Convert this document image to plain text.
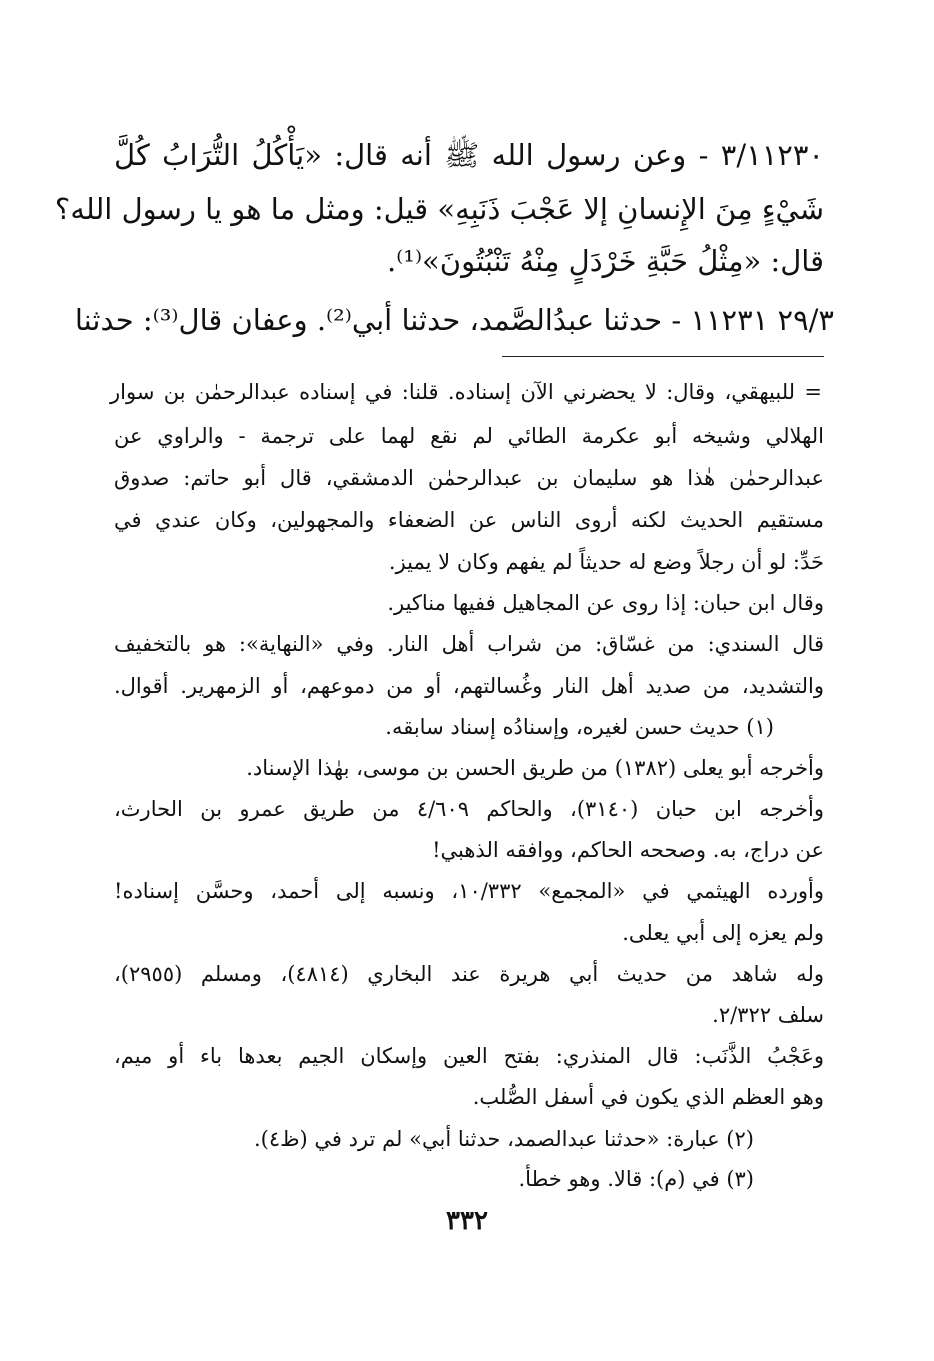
٣/١١٢٣٠ - وعن رسول الله ﷺ أنه قال: «يَأْكُلُ التُّرَابُ كُلَّ
شَيْءٍ مِنَ الإِنسانِ إلا عَجْبَ ذَنَبِهِ» قيل: ومثل ما هو يا رسول الله؟
قال: «مِثْلُ حَبَّةِ خَرْدَلٍ مِنْهُ تَنْبُتُونَ»⁽¹⁾.
٢٩/٣ ١١٢٣١ - حدثنا عبدُالصَّمد، حدثنا أبي⁽²⁾. وعفان قال⁽³⁾: حدثنا
= للبيهقي، وقال: لا يحضرني الآن إسناده. قلنا: في إسناده عبدالرحمٰن بن سوار
الهلالي وشيخه أبو عكرمة الطائي لم نقع لهما على ترجمة - والراوي عن
عبدالرحمٰن هٰذا هو سليمان بن عبدالرحمٰن الدمشقي، قال أبو حاتم: صدوق
مستقيم الحديث لكنه أروى الناس عن الضعفاء والمجهولين، وكان عندي في
حَدِّ: لو أن رجلاً وضع له حديثاً لم يفهم وكان لا يميز.
وقال ابن حبان: إذا روى عن المجاهيل ففيها مناكير.
قال السندي: من غسّاق: من شراب أهل النار. وفي «النهاية»: هو بالتخفيف
والتشديد، من صديد أهل النار وغُسالتهم، أو من دموعهم، أو الزمهرير. أقوال.
(١) حديث حسن لغيره، وإسنادُه إسناد سابقه.
وأخرجه أبو يعلى (١٣٨٢) من طريق الحسن بن موسى، بهٰذا الإسناد.
وأخرجه ابن حبان (٣١٤٠)، والحاكم ٤/٦٠٩ من طريق عمرو بن الحارث،
عن دراج، به. وصححه الحاكم، ووافقه الذهبي!
وأورده الهيثمي في «المجمع» ١٠/٣٣٢، ونسبه إلى أحمد، وحسَّن إسناده!
ولم يعزه إلى أبي يعلى.
وله شاهد من حديث أبي هريرة عند البخاري (٤٨١٤)، ومسلم (٢٩٥٥)،
سلف ٢/٣٢٢.
وعَجْبُ الذَّنَب: قال المنذري: بفتح العين وإسكان الجيم بعدها باء أو ميم،
وهو العظم الذي يكون في أسفل الصُّلب.
(٢) عبارة: «حدثنا عبدالصمد، حدثنا أبي» لم ترد في (ظ٤).
(٣) في (م): قالا. وهو خطأ.
٣٣٢
